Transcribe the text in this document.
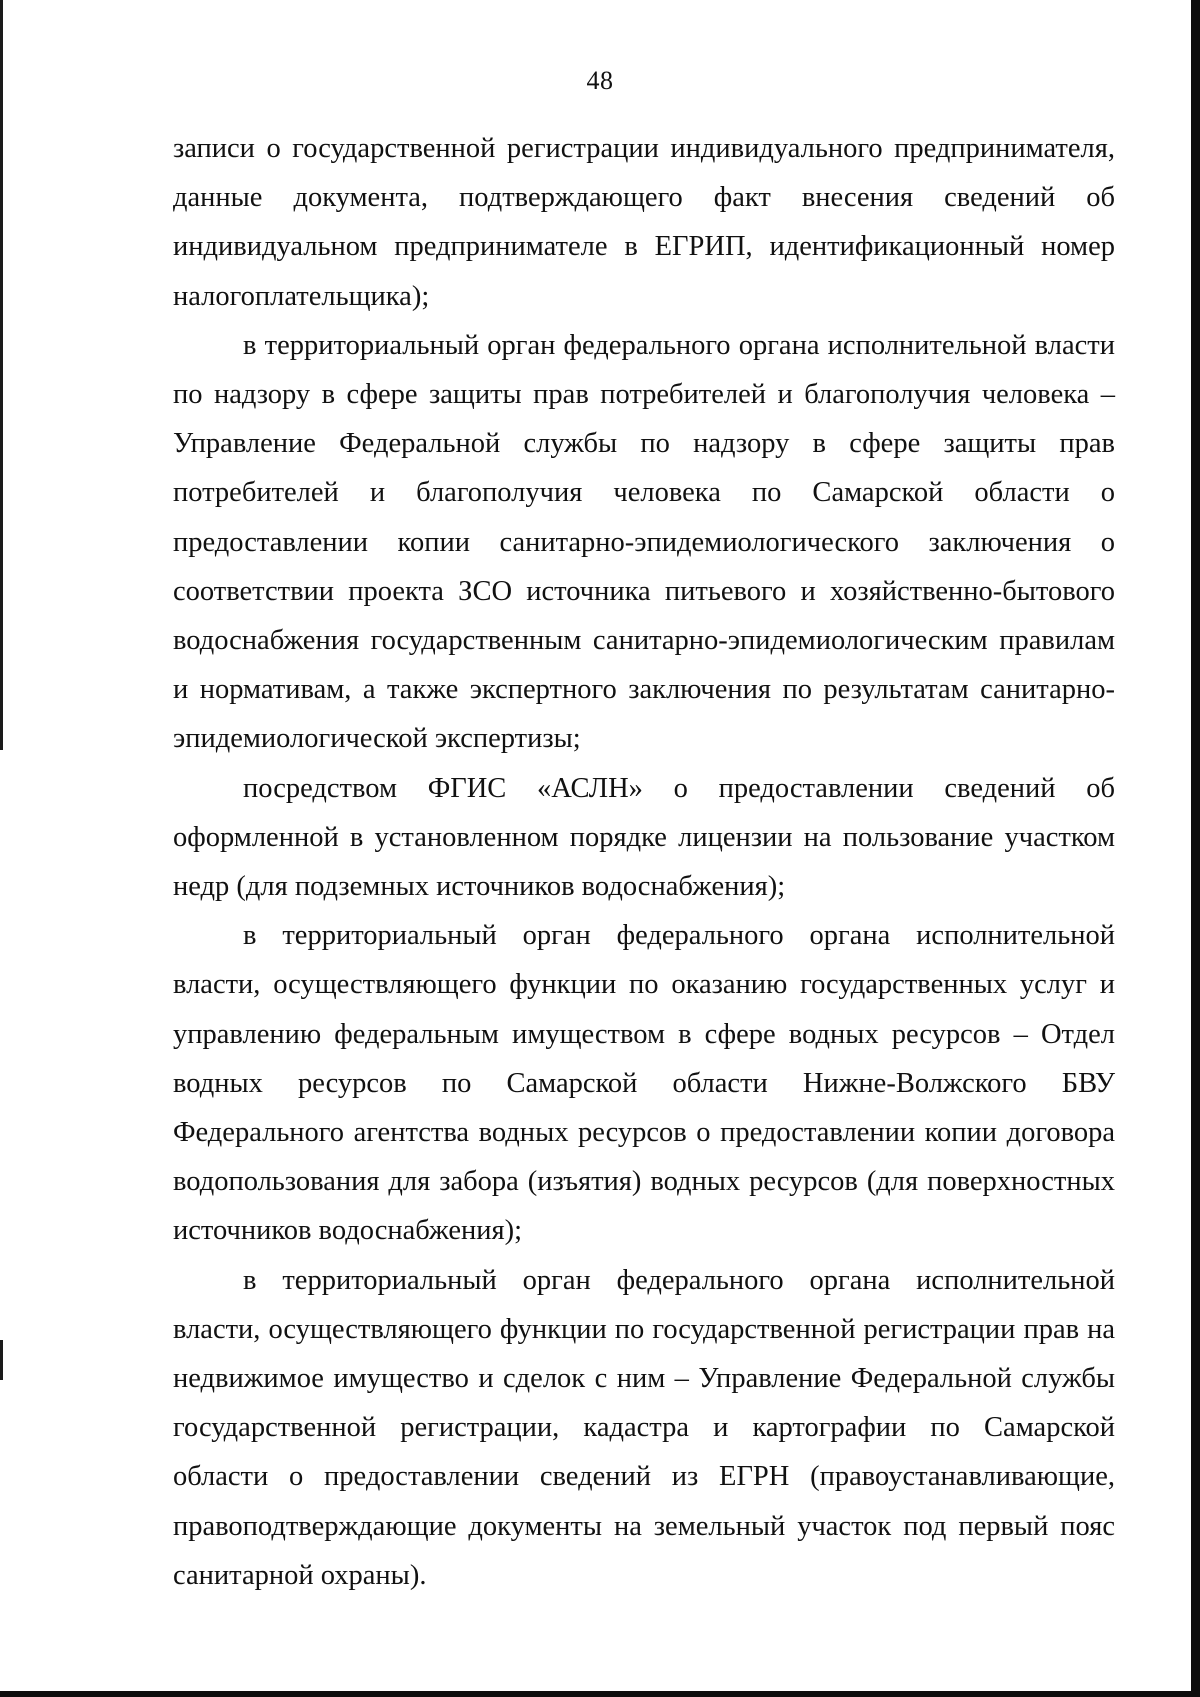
48

записи о государственной регистрации индивидуального предпринимателя, данные документа, подтверждающего факт внесения сведений об индивидуальном предпринимателе в ЕГРИП, идентификационный номер налогоплательщика);

в территориальный орган федерального органа исполнительной власти по надзору в сфере защиты прав потребителей и благополучия человека – Управление Федеральной службы по надзору в сфере защиты прав потребителей и благополучия человека по Самарской области о предоставлении копии санитарно-эпидемиологического заключения о соответствии проекта ЗСО источника питьевого и хозяйственно-бытового водоснабжения государственным санитарно-эпидемиологическим правилам и нормативам, а также экспертного заключения по результатам санитарно-эпидемиологической экспертизы;

посредством ФГИС «АСЛН» о предоставлении сведений об оформленной в установленном порядке лицензии на пользование участком недр (для подземных источников водоснабжения);

в территориальный орган федерального органа исполнительной власти, осуществляющего функции по оказанию государственных услуг и управлению федеральным имуществом в сфере водных ресурсов – Отдел водных ресурсов по Самарской области Нижне-Волжского БВУ Федерального агентства водных ресурсов о предоставлении копии договора водопользования для забора (изъятия) водных ресурсов (для поверхностных источников водоснабжения);

в территориальный орган федерального органа исполнительной власти, осуществляющего функции по государственной регистрации прав на недвижимое имущество и сделок с ним – Управление Федеральной службы государственной регистрации, кадастра и картографии по Самарской области о предоставлении сведений из ЕГРН (правоустанавливающие, правоподтверждающие документы на земельный участок под первый пояс санитарной охраны).
